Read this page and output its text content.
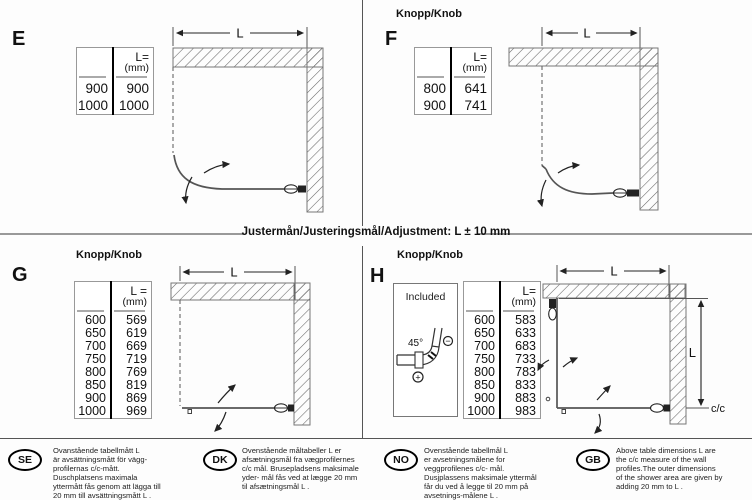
Justermån/Justeringsmål/Adjustment: L ± 10 mm
E

	L=
(mm)

900	900
1000	1000
L
Knopp/Knob
F

	L=
(mm)

800	641
900	741
L
Knopp/Knob
G

	L =
(mm)

600	569
650	619
700	669
750	719
800	769
850	819
900	869
1000	969
L
Knopp/Knob
H
Included
45° −
+

	L=
(mm)

600	583
650	633
700	683
750	733
800	783
850	833
900	883
1000	983
L
L
c/c
SE
Ovanstående tabellmått L
är avsättningsmått för vägg-
profilernas c/c-mått.
Duschplatsens maximala
yttermått fås genom att lägga till
20 mm till avsättningsmått L .
DK
Ovenstående måltabeller L er
afsætningsmål fra vægprofilernes
c/c mål. Brusepladsens maksimale
yder- mål fås ved at lægge 20 mm
til afsætningsmål L .
NO
Ovenstående tabellmål L
er avsetningsmålene for
veggprofilenes c/c- mål.
Dusjplassens maksimale yttermål
får du ved å legge til 20 mm på
avsetnings-målene L .
GB
Above table dimensions L are
the c/c measure of the wall
profiles.The outer dimensions
of the shower area are given by
adding 20 mm to L .
